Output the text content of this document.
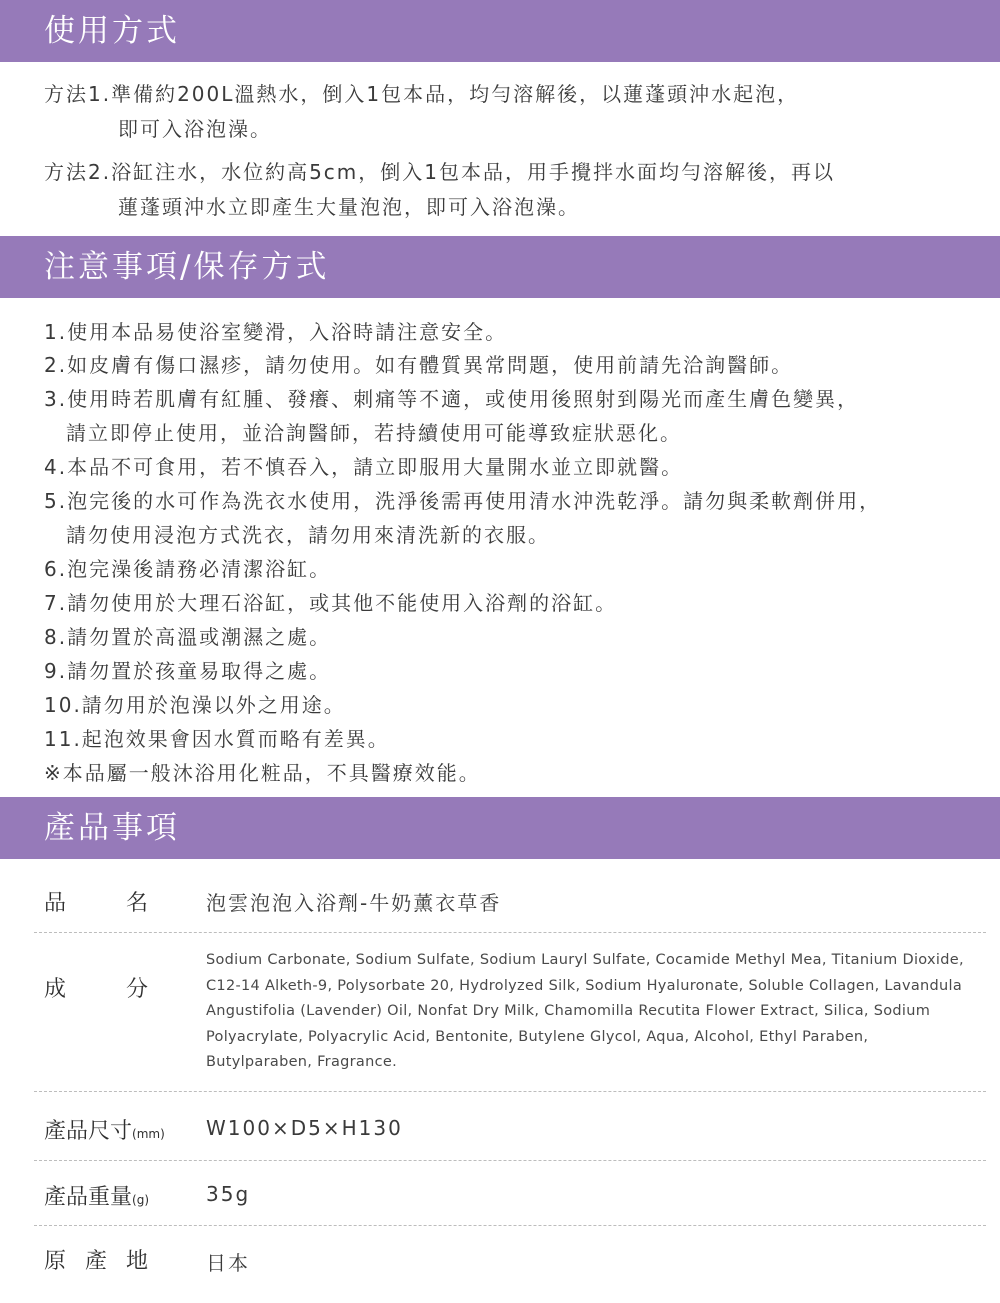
使用方式
方法1.準備約200L溫熱水，倒入1包本品，均勻溶解後，以蓮蓬頭沖水起泡，
即可入浴泡澡。
方法2.浴缸注水，水位約高5cm，倒入1包本品，用手攪拌水面均勻溶解後，再以
蓮蓬頭沖水立即產生大量泡泡，即可入浴泡澡。
注意事項/保存方式
1.使用本品易使浴室變滑，入浴時請注意安全。
2.如皮膚有傷口濕疹，請勿使用。如有體質異常問題，使用前請先洽詢醫師。
3.使用時若肌膚有紅腫、發癢、刺痛等不適，或使用後照射到陽光而產生膚色變異，
請立即停止使用，並洽詢醫師，若持續使用可能導致症狀惡化。
4.本品不可食用，若不慎吞入，請立即服用大量開水並立即就醫。
5.泡完後的水可作為洗衣水使用，洗淨後需再使用清水沖洗乾淨。請勿與柔軟劑併用，
請勿使用浸泡方式洗衣，請勿用來清洗新的衣服。
6.泡完澡後請務必清潔浴缸。
7.請勿使用於大理石浴缸，或其他不能使用入浴劑的浴缸。
8.請勿置於高溫或潮濕之處。
9.請勿置於孩童易取得之處。
10.請勿用於泡澡以外之用途。
11.起泡效果會因水質而略有差異。
※本品屬一般沐浴用化粧品，不具醫療效能。
產品事項
品名	泡雲泡泡入浴劑-牛奶薰衣草香
成分

Sodium Carbonate, Sodium Sulfate, Sodium Lauryl Sulfate, Cocamide Methyl Mea, Titanium Dioxide, C12-14 Alketh-9, Polysorbate 20, Hydrolyzed Silk, Sodium Hyaluronate, Soluble Collagen, Lavandula Angustifolia (Lavender) Oil, Nonfat Dry Milk, Chamomilla Recutita Flower Extract, Silica, Sodium Polyacrylate, Polyacrylic Acid, Bentonite, Butylene Glycol, Aqua, Alcohol, Ethyl Paraben, Butylparaben, Fragrance.

產品尺寸(mm) W100×D5×H130
產品重量(g)	35g
原產地	日本
